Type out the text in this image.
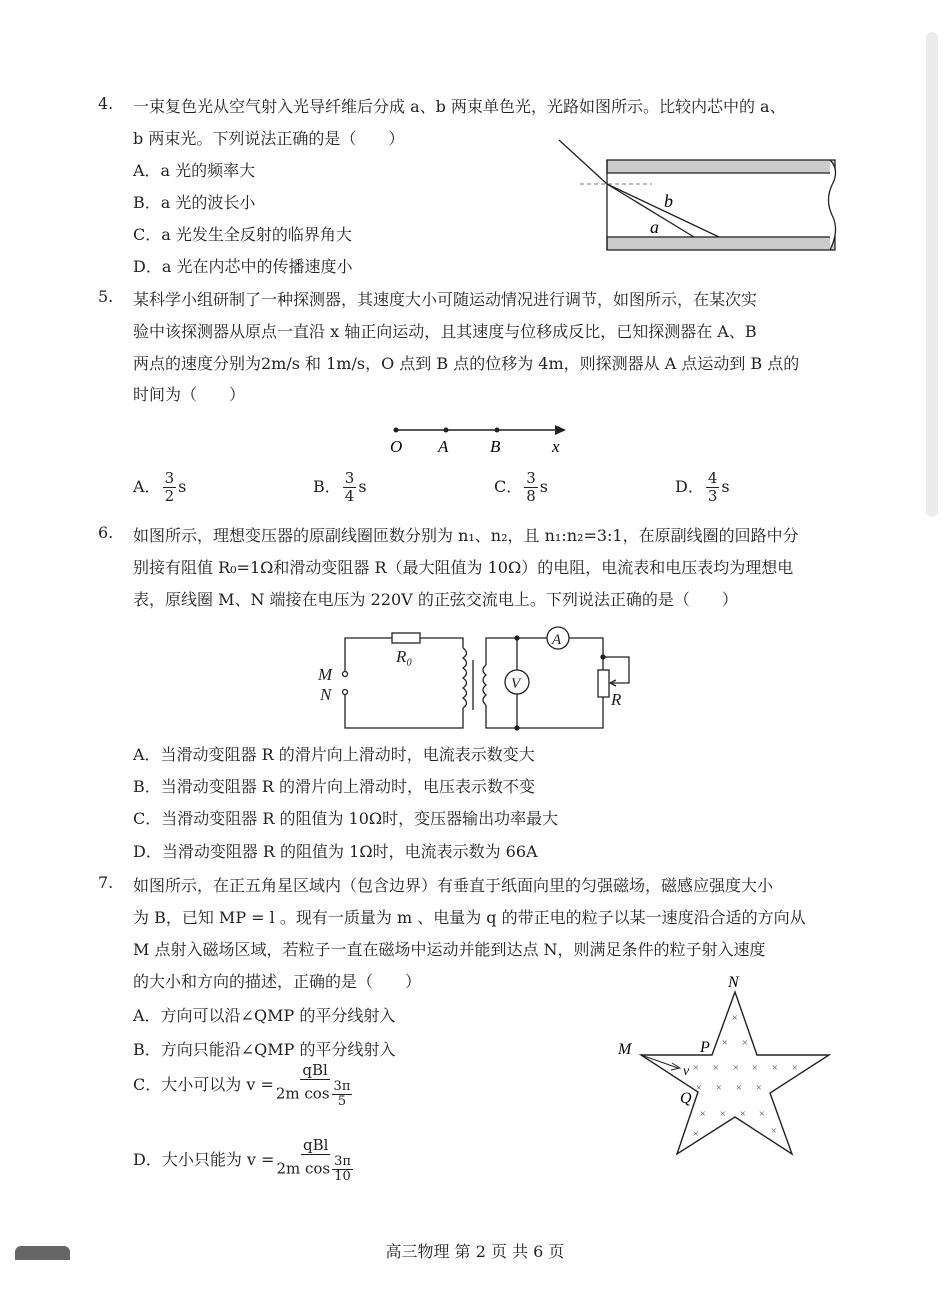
4. 一束复色光从空气射入光导纤维后分成 a、b 两束单色光，光路如图所示。比较内芯中的 a、
b 两束光。下列说法正确的是（　　）
A．a 光的频率大
B．a 光的波长小
C．a 光发生全反射的临界角大
D．a 光在内芯中的传播速度小
b
a
5. 某科学小组研制了一种探测器，其速度大小可随运动情况进行调节，如图所示，在某次实
验中该探测器从原点一直沿 x 轴正向运动，且其速度与位移成反比，已知探测器在 A、B
两点的速度分别为2m/s 和 1m/s，O 点到 B 点的位移为 4m，则探测器从 A 点运动到 B 点的
时间为（　　）
O A B	x
A． $\frac{3}{2}$ s	B． $\frac{3}{4}$ s	C． $\frac{3}{8}$ s	D． $\frac{4}{3}$ s
6. 如图所示，理想变压器的原副线圈匝数分别为 n₁、n₂，且 n₁:n₂=3:1，在原副线圈的回路中分
别接有阻值 R₀=1Ω和滑动变阻器 R（最大阻值为 10Ω）的电阻，电流表和电压表均为理想电
表，原线圈 M、N 端接在电压为 220V 的正弦交流电上。下列说法正确的是（　　）
M
N
R₀
R
A
V
A．当滑动变阻器 R 的滑片向上滑动时，电流表示数变大
B．当滑动变阻器 R 的滑片向上滑动时，电压表示数不变
C．当滑动变阻器 R 的阻值为 10Ω时，变压器输出功率最大
D．当滑动变阻器 R 的阻值为 1Ω时，电流表示数为 66A
7. 如图所示，在正五角星区域内（包含边界）有垂直于纸面向里的匀强磁场，磁感应强度大小
为 B，已知 MP = l 。现有一质量为 m 、电量为 q 的带正电的粒子以某一速度沿合适的方向从
M 点射入磁场区域，若粒子一直在磁场中运动并能到达点 N，则满足条件的粒子射入速度
的大小和方向的描述，正确的是（　　）
A．方向可以沿∠QMP 的平分线射入
B．方向只能沿∠QMP 的平分线射入
C．大小可以为 $v = \frac{\text{qBl}}{2m \cos \frac{3\pi}{5}}$
D．大小只能为 $v = \frac{\text{qBl}}{2m \cos \frac{3\pi}{10}}$
×
× ×
× × × × × ×
× × × ×
× × × ×
×	×
N
P
M
Q
v
高三物理 第 2 页 共 6 页
